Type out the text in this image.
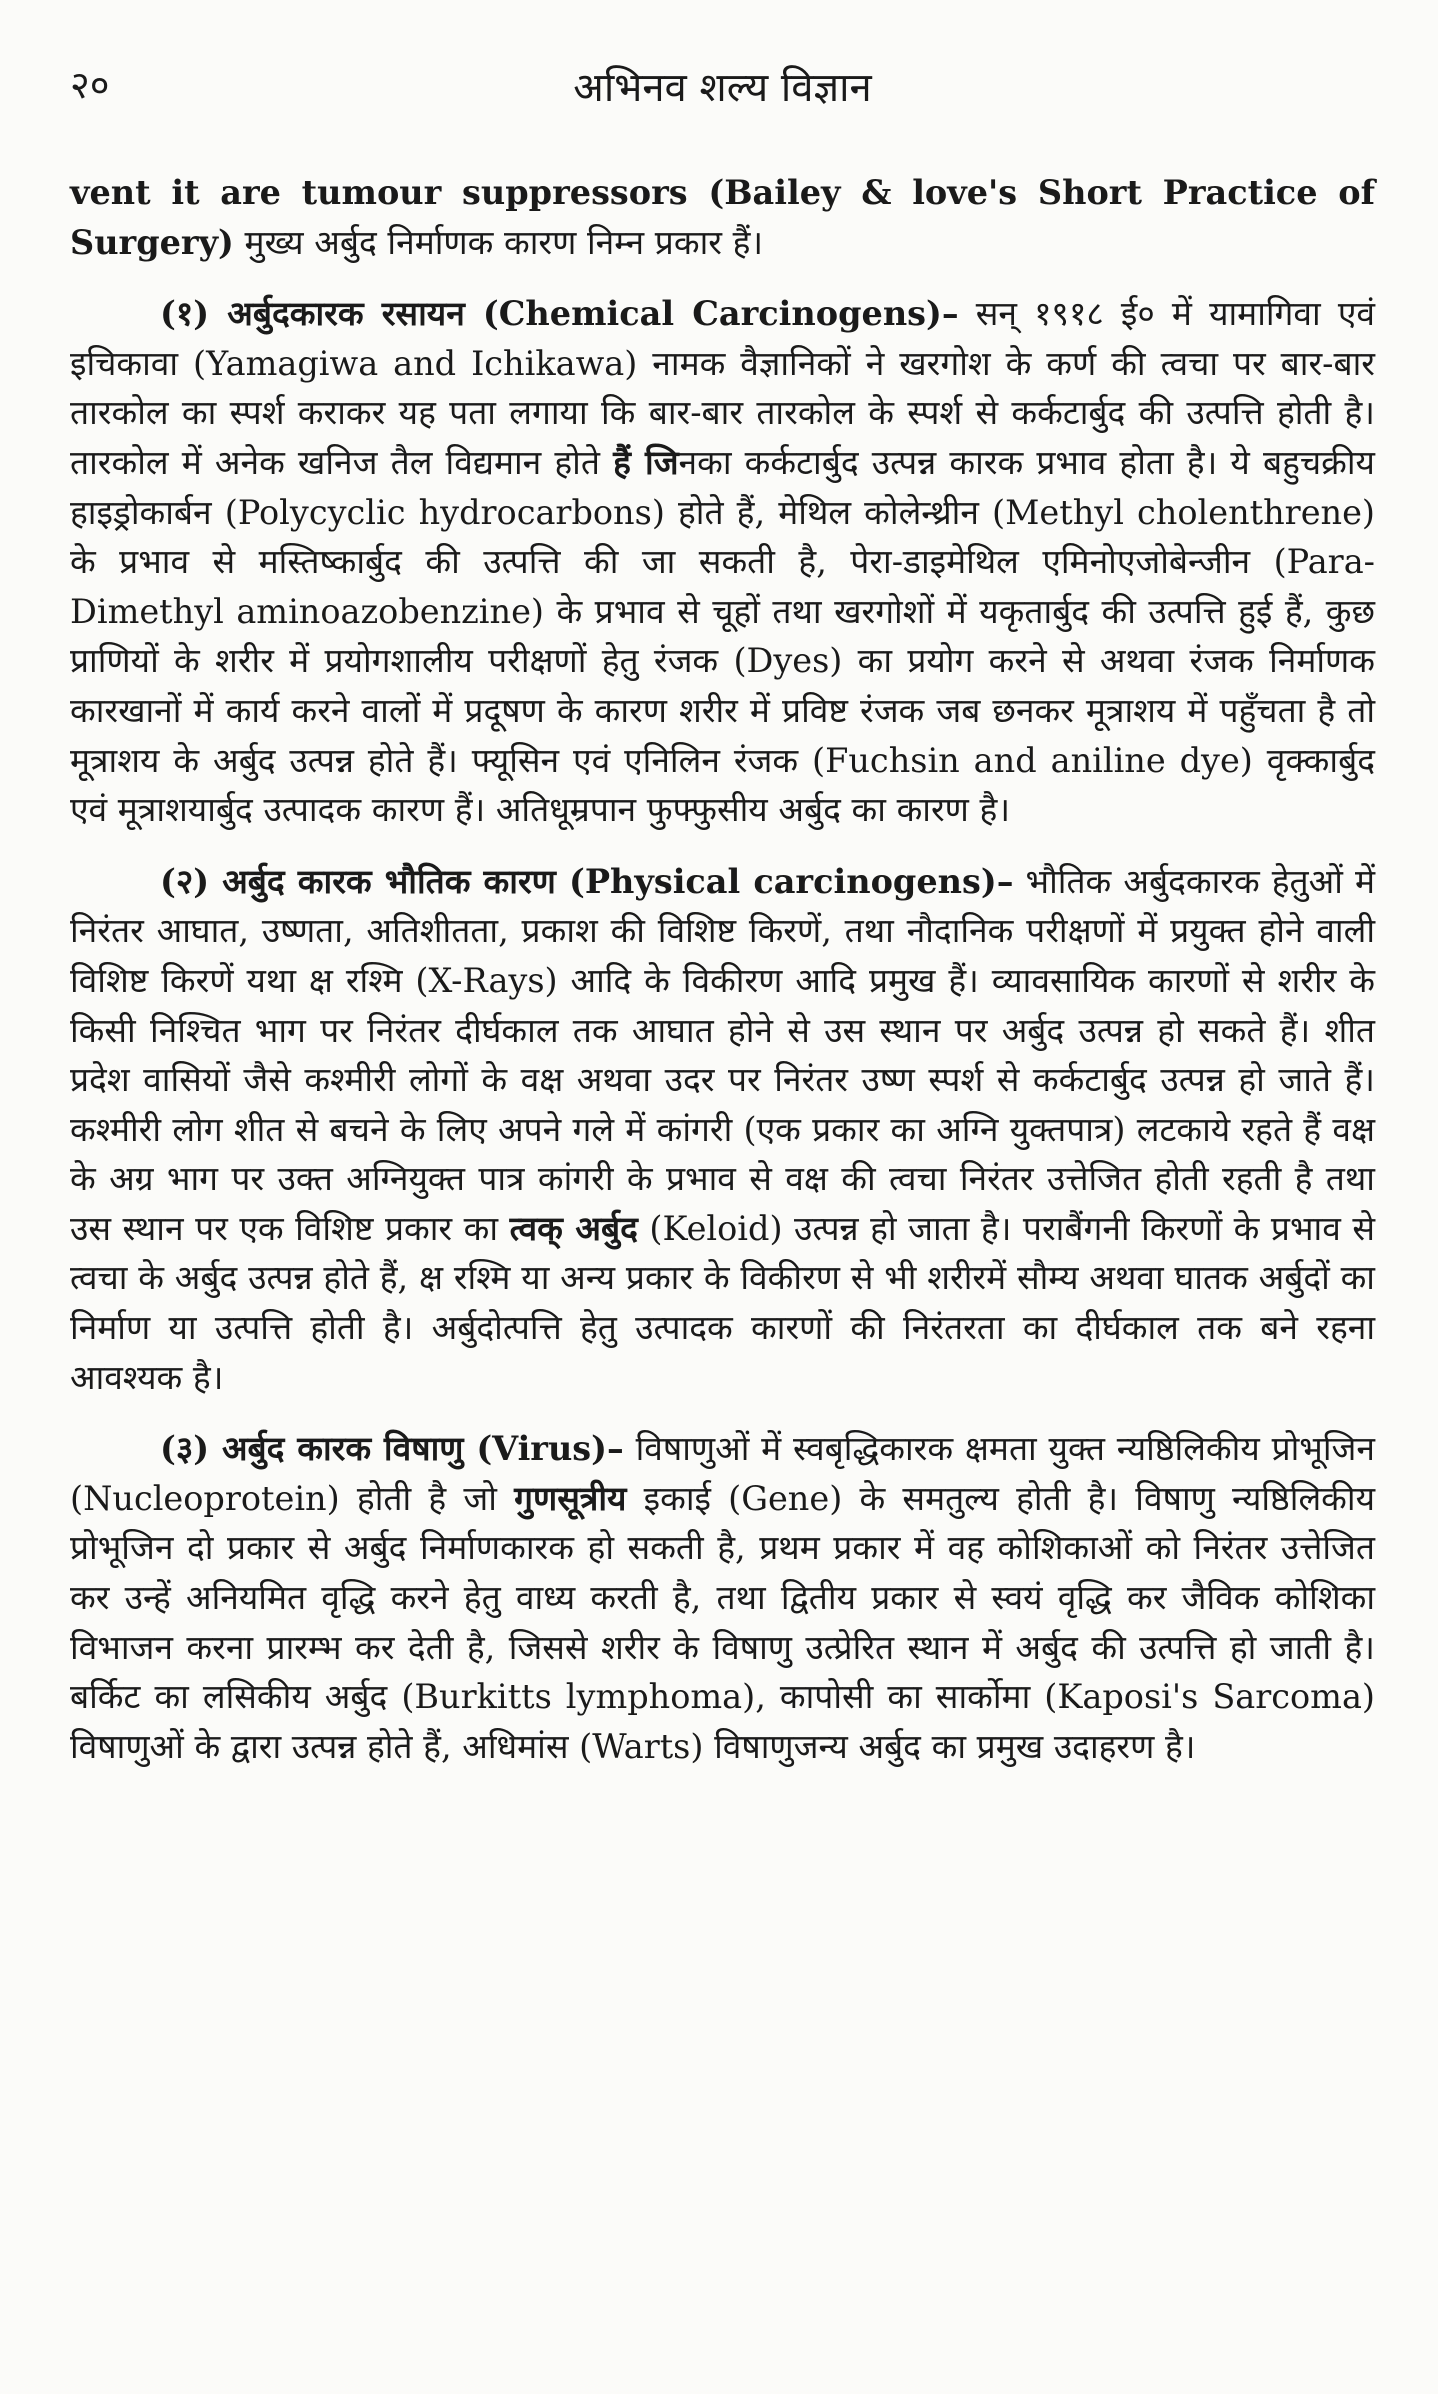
२०	अभिनव शल्य विज्ञान

vent it are tumour suppressors (Bailey & love's Short Practice of Surgery) मुख्य अर्बुद निर्माणक कारण निम्न प्रकार हैं।

(१) अर्बुदकारक रसायन (Chemical Carcinogens)– सन् १९१८ ई० में यामागिवा एवं इचिकावा (Yamagiwa and Ichikawa) नामक वैज्ञानिकों ने खरगोश के कर्ण की त्वचा पर बार-बार तारकोल का स्पर्श कराकर यह पता लगाया कि बार-बार तारकोल के स्पर्श से कर्कटार्बुद की उत्पत्ति होती है। तारकोल में अनेक खनिज तैल विद्यमान होते हैं जिनका कर्कटार्बुद उत्पन्न कारक प्रभाव होता है। ये बहुचक्रीय हाइड्रोकार्बन (Polycyclic hydrocarbons) होते हैं, मेथिल कोलेन्थ्रीन (Methyl cholenthrene) के प्रभाव से मस्तिष्कार्बुद की उत्पत्ति की जा सकती है, पेरा-डाइमेथिल एमिनोएजोबेन्जीन (Para-Dimethyl aminoazobenzine) के प्रभाव से चूहों तथा खरगोशों में यकृतार्बुद की उत्पत्ति हुई हैं, कुछ प्राणियों के शरीर में प्रयोगशालीय परीक्षणों हेतु रंजक (Dyes) का प्रयोग करने से अथवा रंजक निर्माणक कारखानों में कार्य करने वालों में प्रदूषण के कारण शरीर में प्रविष्ट रंजक जब छनकर मूत्राशय में पहुँचता है तो मूत्राशय के अर्बुद उत्पन्न होते हैं। फ्यूसिन एवं एनिलिन रंजक (Fuchsin and aniline dye) वृक्कार्बुद एवं मूत्राशयार्बुद उत्पादक कारण हैं। अतिधूम्रपान फुफ्फुसीय अर्बुद का कारण है।

(२) अर्बुद कारक भौतिक कारण (Physical carcinogens)– भौतिक अर्बुदकारक हेतुओं में निरंतर आघात, उष्णता, अतिशीतता, प्रकाश की विशिष्ट किरणें, तथा नौदानिक परीक्षणों में प्रयुक्त होने वाली विशिष्ट किरणें यथा क्ष रश्मि (X-Rays) आदि के विकीरण आदि प्रमुख हैं। व्यावसायिक कारणों से शरीर के किसी निश्चित भाग पर निरंतर दीर्घकाल तक आघात होने से उस स्थान पर अर्बुद उत्पन्न हो सकते हैं। शीत प्रदेश वासियों जैसे कश्मीरी लोगों के वक्ष अथवा उदर पर निरंतर उष्ण स्पर्श से कर्कटार्बुद उत्पन्न हो जाते हैं। कश्मीरी लोग शीत से बचने के लिए अपने गले में कांगरी (एक प्रकार का अग्नि युक्तपात्र) लटकाये रहते हैं वक्ष के अग्र भाग पर उक्त अग्नियुक्त पात्र कांगरी के प्रभाव से वक्ष की त्वचा निरंतर उत्तेजित होती रहती है तथा उस स्थान पर एक विशिष्ट प्रकार का त्वक् अर्बुद (Keloid) उत्पन्न हो जाता है। पराबैंगनी किरणों के प्रभाव से त्वचा के अर्बुद उत्पन्न होते हैं, क्ष रश्मि या अन्य प्रकार के विकीरण से भी शरीरमें सौम्य अथवा घातक अर्बुदों का निर्माण या उत्पत्ति होती है। अर्बुदोत्पत्ति हेतु उत्पादक कारणों की निरंतरता का दीर्घकाल तक बने रहना आवश्यक है।

(३) अर्बुद कारक विषाणु (Virus)– विषाणुओं में स्वबृद्धिकारक क्षमता युक्त न्यष्ठिलिकीय प्रोभूजिन (Nucleoprotein) होती है जो गुणसूत्रीय इकाई (Gene) के समतुल्य होती है। विषाणु न्यष्ठिलिकीय प्रोभूजिन दो प्रकार से अर्बुद निर्माणकारक हो सकती है, प्रथम प्रकार में वह कोशिकाओं को निरंतर उत्तेजित कर उन्हें अनियमित वृद्धि करने हेतु वाध्य करती है, तथा द्वितीय प्रकार से स्वयं वृद्धि कर जैविक कोशिका विभाजन करना प्रारम्भ कर देती है, जिससे शरीर के विषाणु उत्प्रेरित स्थान में अर्बुद की उत्पत्ति हो जाती है। बर्किट का लसिकीय अर्बुद (Burkitts lymphoma), कापोसी का सार्कोमा (Kaposi's Sarcoma) विषाणुओं के द्वारा उत्पन्न होते हैं, अधिमांस (Warts) विषाणुजन्य अर्बुद का प्रमुख उदाहरण है।
